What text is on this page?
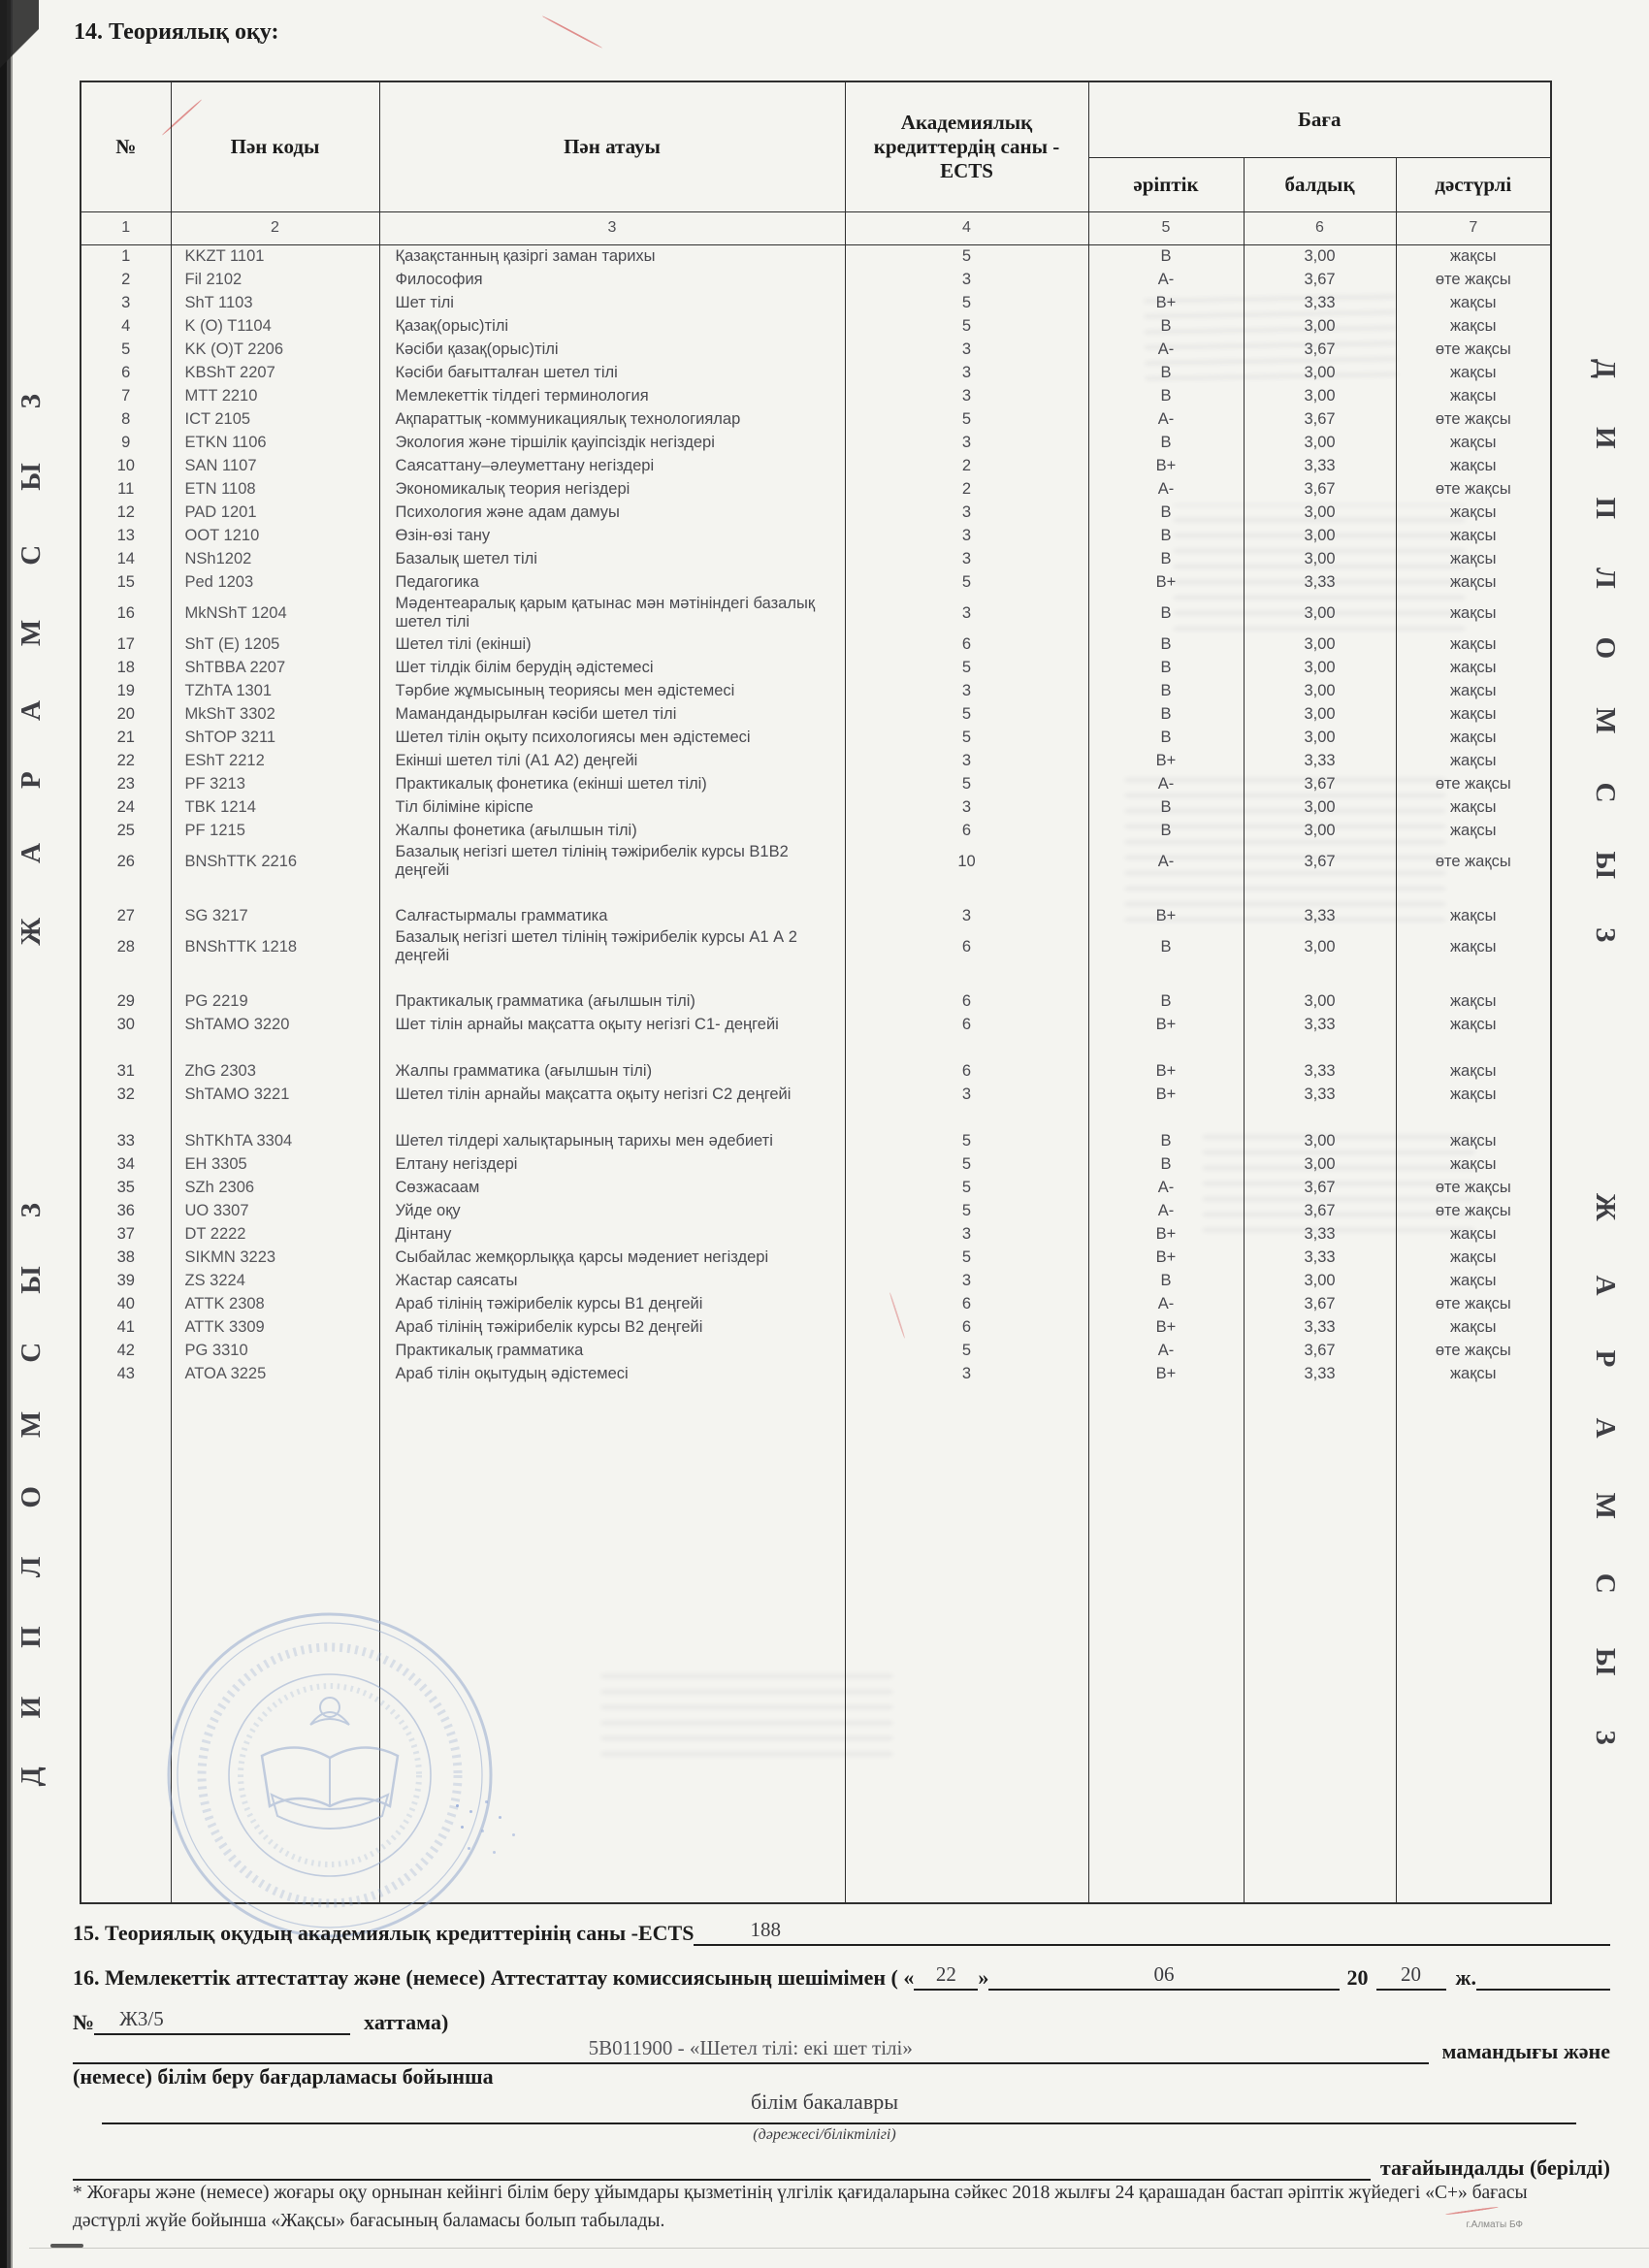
ЖАРАМСЫЗ
ДИПЛОМСЫЗ
ДИПЛОМСЫЗ
ЖАРАМСЫЗ
14. Теориялық оқу:
№	Пән коды	Пән атауы	Академиялық кредиттердің саны - ECTS	Баға		
				әріптік	балдық	дәстүрлі
1	2	3	4	5	6	7
1	KKZT 1101	Қазақстанның қазіргі заман тарихы	5	B	3,00	жақсы
2	Fil 2102	Философия	3	A-	3,67	өте жақсы
3	ShT 1103	Шет тілі	5	B+	3,33	жақсы
4	K (O) T1104	Қазақ(орыс)тілі	5	B	3,00	жақсы
5	KK (O)T 2206	Кәсіби қазақ(орыс)тілі	3	A-	3,67	өте жақсы
6	KBShT 2207	Кәсіби бағытталған шетел тілі	3	B	3,00	жақсы
7	MTT 2210	Мемлекеттік тілдегі терминология	3	B	3,00	жақсы
8	ICT 2105	Ақпараттық -коммуникациялық технологиялар	5	A-	3,67	өте жақсы
9	ETKN 1106	Экология және тіршілік қауіпсіздік негіздері	3	B	3,00	жақсы
10	SAN 1107	Саясаттану–әлеуметтану негіздері	2	B+	3,33	жақсы
11	ETN 1108	Экономикалық теория негіздері	2	A-	3,67	өте жақсы
12	PAD 1201	Психология және адам дамуы	3	B	3,00	жақсы
13	OOT 1210	Өзін-өзі тану	3	B	3,00	жақсы
14	NSh1202	Базалық шетел тілі	3	B	3,00	жақсы
15	Ped 1203	Педагогика	5	B+	3,33	жақсы
16	MkNShT 1204	Мәдентеаралық қарым қатынас мән мәтініндегі базалық шетел тілі	3	B	3,00	жақсы
17	ShT (E) 1205	Шетел тілі (екінші)	6	B	3,00	жақсы
18	ShTBBA 2207	Шет тілдік білім берудің әдістемесі	5	B	3,00	жақсы
19	TZhTA 1301	Тәрбие жұмысының теориясы мен әдістемесі	3	B	3,00	жақсы
20	MkShT 3302	Мамандандырылған кәсіби шетел тілі	5	B	3,00	жақсы
21	ShTOP 3211	Шетел тілін оқыту психологиясы мен әдістемесі	5	B	3,00	жақсы
22	EShT 2212	Екінші шетел тілі (А1 А2) деңгейі	3	B+	3,33	жақсы
23	PF 3213	Практикалық фонетика (екінші шетел тілі)	5	A-	3,67	өте жақсы
24	TBK 1214	Тіл біліміне кіріспе	3	B	3,00	жақсы
25	PF 1215	Жалпы фонетика (ағылшын тілі)	6	B	3,00	жақсы
26	BNShTTK 2216	Базалық негізгі шетел тілінің тәжірибелік курсы В1В2 деңгейі	10	A-	3,67	өте жақсы

27	SG 3217	Салғастырмалы грамматика	3	B+	3,33	жақсы
28	BNShTTK 1218	Базалық негізгі шетел тілінің тәжірибелік курсы А1 А 2 деңгейі	6	B	3,00	жақсы

29	PG 2219	Практикалық грамматика (ағылшын тілі)	6	B	3,00	жақсы
30	ShTAMO 3220	Шет тілін арнайы мақсатта оқыту негізгі С1- деңгейі	6	B+	3,33	жақсы

31	ZhG 2303	Жалпы грамматика (ағылшын тілі)	6	B+	3,33	жақсы
32	ShTAMO 3221	Шетел тілін арнайы мақсатта оқыту негізгі С2 деңгейі	3	B+	3,33	жақсы

33	ShTKhTA 3304	Шетел тілдері халықтарының тарихы мен әдебиеті	5	B	3,00	жақсы
34	EH 3305	Елтану негіздері	5	B	3,00	жақсы
35	SZh 2306	Сөзжасаам	5	A-	3,67	өте жақсы
36	UO 3307	Уйде оқу	5	A-	3,67	өте жақсы
37	DT 2222	Дінтану	3	B+	3,33	жақсы
38	SIKMN 3223	Сыбайлас жемқорлыққа қарсы мәдениет негіздері	5	B+	3,33	жақсы
39	ZS 3224	Жастар саясаты	3	B	3,00	жақсы
40	ATTK 2308	Араб тілінің тәжірибелік курсы В1 деңгейі	6	A-	3,67	өте жақсы
41	ATTK 3309	Араб тілінің тәжірибелік курсы В2 деңгейі	6	B+	3,33	жақсы
42	PG 3310	Практикалық грамматика	5	A-	3,67	өте жақсы
43	ATOA 3225	Араб тілін оқытудың әдістемесі	3	B+	3,33	жақсы

15. Теориялық оқудың академиялық кредиттерінің саны -ECTS	188
16. Мемлекеттік аттестаттау және (немесе) Аттестаттау комиссиясының шешімімен ( «	22	»	06	20	20	ж.
№	Ж3/5	хаттама)
5В011900 - «Шетел тілі: екі шет тілі»	мамандығы және
(немесе) білім беру бағдарламасы бойынша
білім бакалавры
(дәрежесі/біліктілігі)
тағайындалды (берілді)
* Жоғары және (немесе) жоғары оқу орнынан кейінгі білім беру ұйымдары қызметінің үлгілік қағидаларына сәйкес 2018 жылғы 24 қарашадан бастап әріптік жүйедегі «С+» бағасы дәстүрлі жүйе бойынша «Жақсы» бағасының баламасы болып табылады.	г.Алматы БФ
